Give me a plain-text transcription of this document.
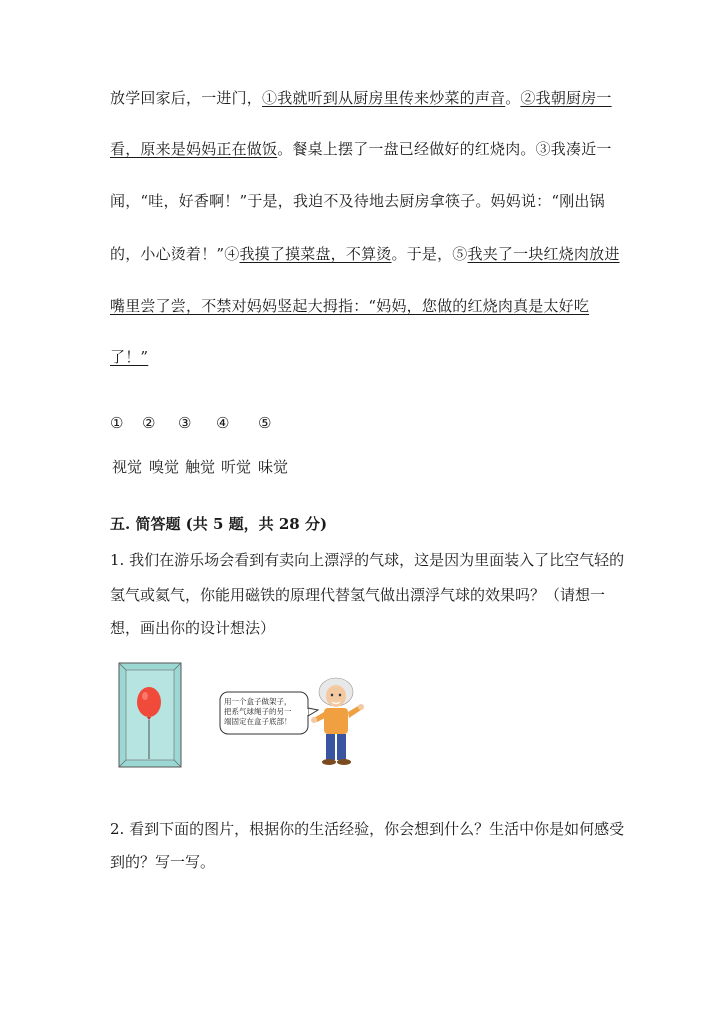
放学回家后，一进门，①我就听到从厨房里传来炒菜的声音。②我朝厨房一
看，原来是妈妈正在做饭。餐桌上摆了一盘已经做好的红烧肉。③我凑近一
闻，“哇，好香啊！”于是，我迫不及待地去厨房拿筷子。妈妈说：“刚出锅
的，小心烫着！”④我摸了摸菜盘，不算烫。于是，⑤我夹了一块红烧肉放进
嘴里尝了尝，不禁对妈妈竖起大拇指：“妈妈，您做的红烧肉真是太好吃
了！”
① ② ③ ④ ⑤
视觉 嗅觉 触觉 听觉 味觉
五. 简答题 (共 5 题，共 28 分)
1. 我们在游乐场会看到有卖向上漂浮的气球，这是因为里面装入了比空气轻的
氢气或氦气，你能用磁铁的原理代替氢气做出漂浮气球的效果吗？（请想一
想，画出你的设计想法）
用一个盒子做架子，
把系气球绳子的另一
端固定在盒子底部！
2. 看到下面的图片，根据你的生活经验，你会想到什么？生活中你是如何感受
到的？写一写。
